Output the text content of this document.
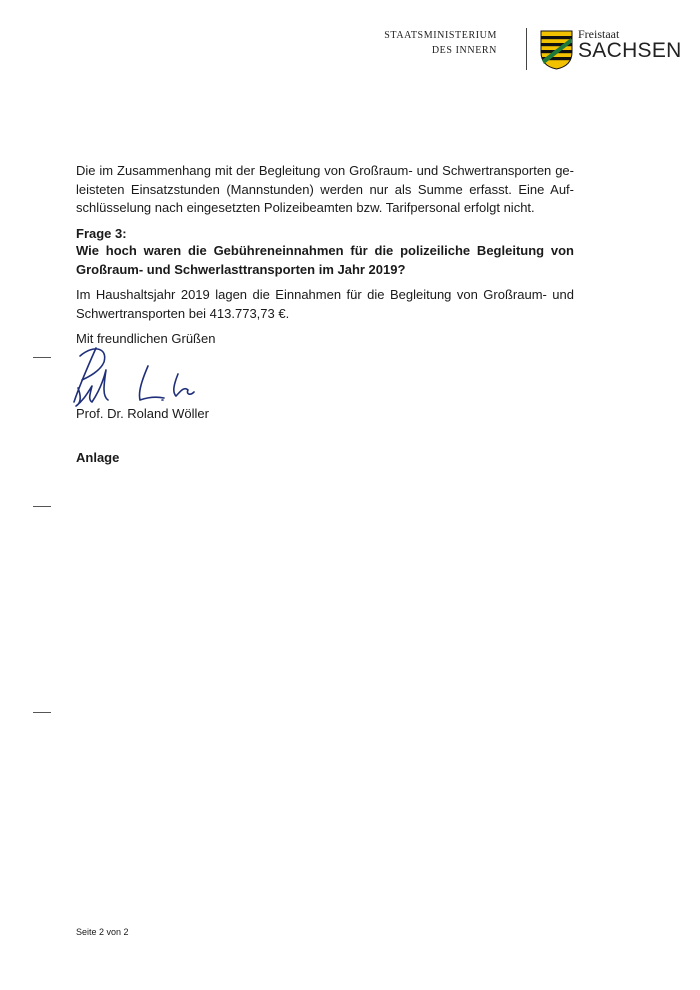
STAATSMINISTERIUM
DES INNERN
Freistaat
SACHSEN
Die im Zusammenhang mit der Begleitung von Großraum- und Schwertransporten ge-
leisteten Einsatzstunden (Mannstunden) werden nur als Summe erfasst. Eine Auf-
schlüsselung nach eingesetzten Polizeibeamten bzw. Tarifpersonal erfolgt nicht.
Frage 3:
Wie hoch waren die Gebühreneinnahmen für die polizeiliche Begleitung von
Großraum- und Schwerlasttransporten im Jahr 2019?
Im Haushaltsjahr 2019 lagen die Einnahmen für die Begleitung von Großraum- und
Schwertransporten bei 413.773,73 €.
Mit freundlichen Grüßen
Prof. Dr. Roland Wöller
Anlage
Seite 2 von 2
